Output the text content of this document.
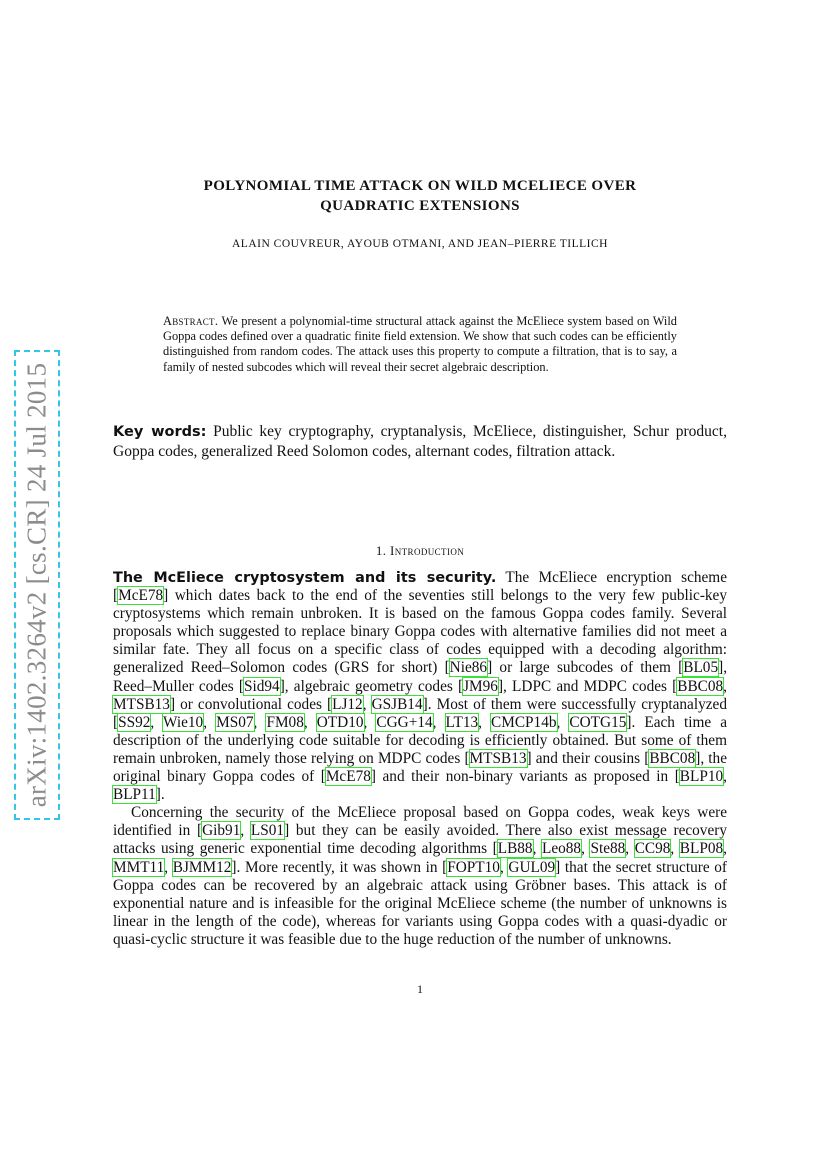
arXiv:1402.3264v2 [cs.CR] 24 Jul 2015
POLYNOMIAL TIME ATTACK ON WILD MCELIECE OVER
QUADRATIC EXTENSIONS
ALAIN COUVREUR, AYOUB OTMANI, AND JEAN–PIERRE TILLICH
Abstract. We present a polynomial-time structural attack against the McEliece system based on Wild Goppa codes defined over a quadratic finite field extension. We show that such codes can be efficiently distinguished from random codes. The attack uses this property to compute a filtration, that is to say, a family of nested subcodes which will reveal their secret algebraic description.
Key words: Public key cryptography, cryptanalysis, McEliece, distinguisher, Schur product, Goppa codes, generalized Reed Solomon codes, alternant codes, filtration attack.
1. Introduction

The McEliece cryptosystem and its security. The McEliece encryption scheme [McE78] which dates back to the end of the seventies still belongs to the very few public-key cryptosystems which remain unbroken. It is based on the famous Goppa codes family. Several proposals which suggested to replace binary Goppa codes with alternative families did not meet a similar fate. They all focus on a specific class of codes equipped with a decoding algorithm: generalized Reed–Solomon codes (GRS for short) [Nie86] or large subcodes of them [BL05], Reed–Muller codes [Sid94], algebraic geometry codes [JM96], LDPC and MDPC codes [BBC08, MTSB13] or convolutional codes [LJ12, GSJB14]. Most of them were successfully cryptanalyzed [SS92, Wie10, MS07, FM08, OTD10, CGG+14, LT13, CMCP14b, COTG15]. Each time a description of the underlying code suitable for decoding is efficiently obtained. But some of them remain unbroken, namely those relying on MDPC codes [MTSB13] and their cousins [BBC08], the original binary Goppa codes of [McE78] and their non-binary variants as proposed in [BLP10, BLP11].

Concerning the security of the McEliece proposal based on Goppa codes, weak keys were identified in [Gib91, LS01] but they can be easily avoided. There also exist message recovery attacks using generic exponential time decoding algorithms [LB88, Leo88, Ste88, CC98, BLP08, MMT11, BJMM12]. More recently, it was shown in [FOPT10, GUL09] that the secret structure of Goppa codes can be recovered by an algebraic attack using Gröbner bases. This attack is of exponential nature and is infeasible for the original McEliece scheme (the number of unknowns is linear in the length of the code), whereas for variants using Goppa codes with a quasi-dyadic or quasi-cyclic structure it was feasible due to the huge reduction of the number of unknowns.

1
